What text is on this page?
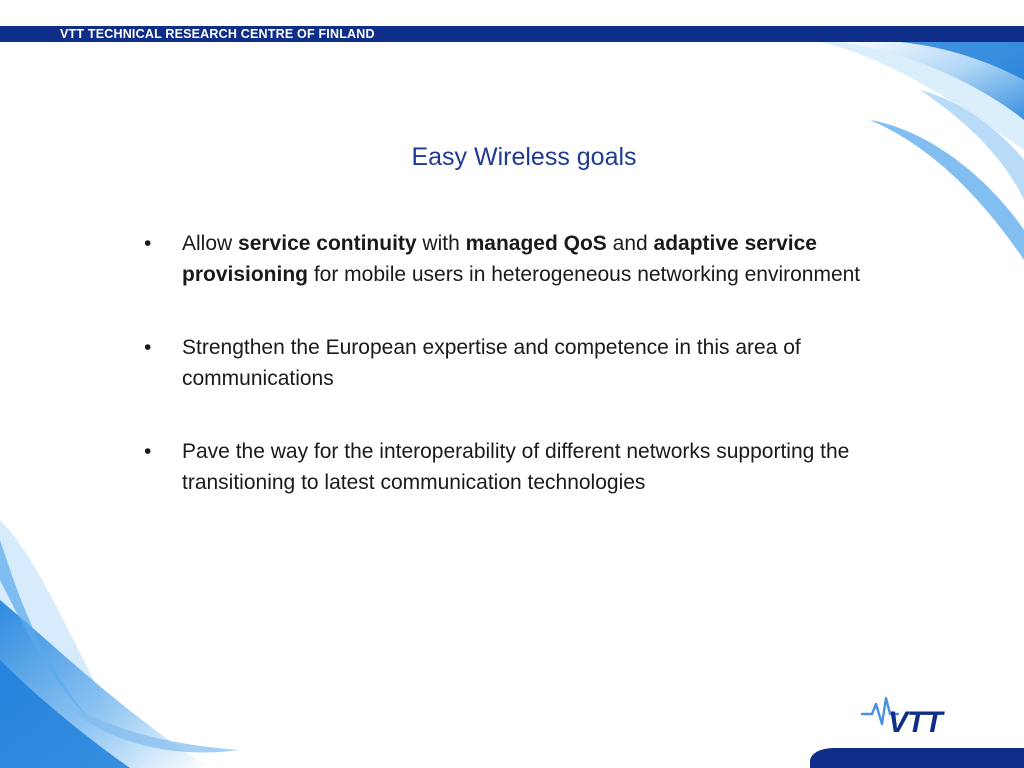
VTT TECHNICAL RESEARCH CENTRE OF FINLAND
Easy Wireless goals
• Allow service continuity with managed QoS and adaptive service provisioning for mobile users in heterogeneous networking environment
• Strengthen the European expertise and competence in this area of communications
• Pave the way for the interoperability of different networks supporting the transitioning to latest communication technologies
VTT
